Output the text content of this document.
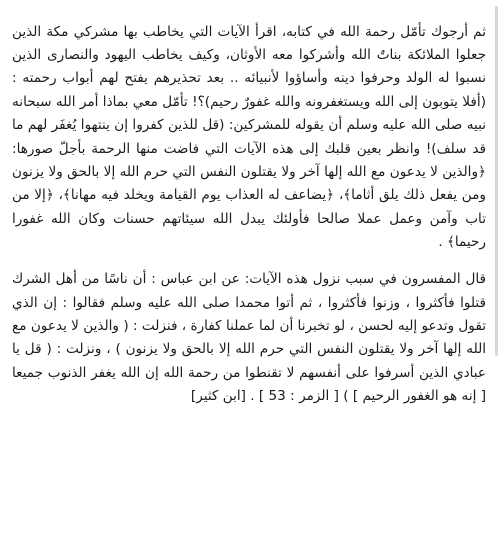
ثم أرجوك تأمّل رحمة الله في كتابه، اقرأ الآيات التي يخاطب بها مشركي مكة الذين جعلوا الملائكة بناتٌ الله وأشركوا معه الأوثان، وكيف يخاطب اليهود والنصارى الذين نسبوا له الولد وحرفوا دينه وأساؤوا لأنبيائه .. بعد تحذيرهم يفتح لهم أبواب رحمته : (أفلا يتوبون إلى الله ويستغفرونه والله غفورٌ رحيم)؟! تأمّل معي بماذا أمر الله سبحانه نبيه صلى الله عليه وسلم أن يقوله للمشركين: (قل للذين كفروا إن ينتهوا يُغفَر لهم ما قد سلف)! وانظر بعين قلبك إلى هذه الآيات التي فاضت منها الرحمة بأجلّ صورها: ﴿والذين لا يدعون مع الله إلها آخر ولا يقتلون النفس التي حرم الله إلا بالحق ولا يزنون ومن يفعل ذلك يلق أثاما﴾، ﴿يضاعف له العذاب يوم القيامة ويخلد فيه مهانا﴾، ﴿إلا من تاب وآمن وعمل عملا صالحا فأولئك يبدل الله سيئاتهم حسنات وكان الله غفورا رحيما﴾ .

قال المفسرون في سبب نزول هذه الآيات: عن ابن عباس : أن ناسًا من أهل الشرك قتلوا فأكثروا ، وزنوا فأكثروا ، ثم أتوا محمدا صلى الله عليه وسلم فقالوا : إن الذي تقول وتدعو إليه لحسن ، لو تخبرنا أن لما عملنا كفارة ، فنزلت : ( والذين لا يدعون مع الله إلها آخر ولا يقتلون النفس التي حرم الله إلا بالحق ولا يزنون ) ، ونزلت : ( قل يا عبادي الذين أسرفوا على أنفسهم لا تقنطوا من رحمة الله إن الله يغفر الذنوب جميعا [ إنه هو الغفور الرحيم ] ) [ الزمر : 53 ] . [ابن كثير]
